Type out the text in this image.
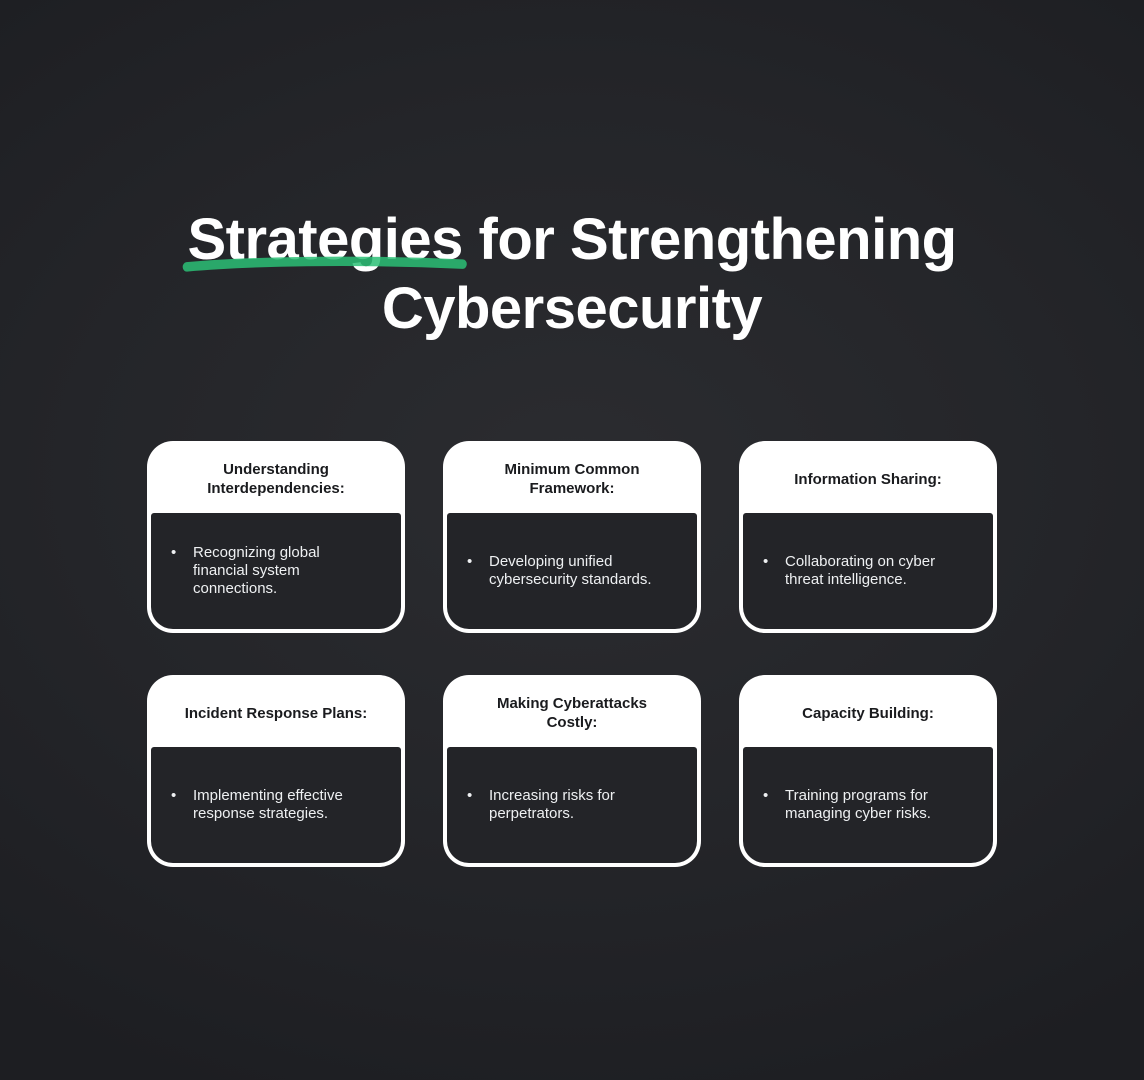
Strategies for Strengthening
Cybersecurity
Understanding
Interdependencies:
•	Recognizing global financial system connections.
Minimum Common
Framework:
•	Developing unified cybersecurity standards.
Information Sharing:
•	Collaborating on cyber threat intelligence.
Incident Response Plans:
•	Implementing effective response strategies.
Making Cyberattacks
Costly:
•	Increasing risks for perpetrators.
Capacity Building:
•	Training programs for managing cyber risks.
